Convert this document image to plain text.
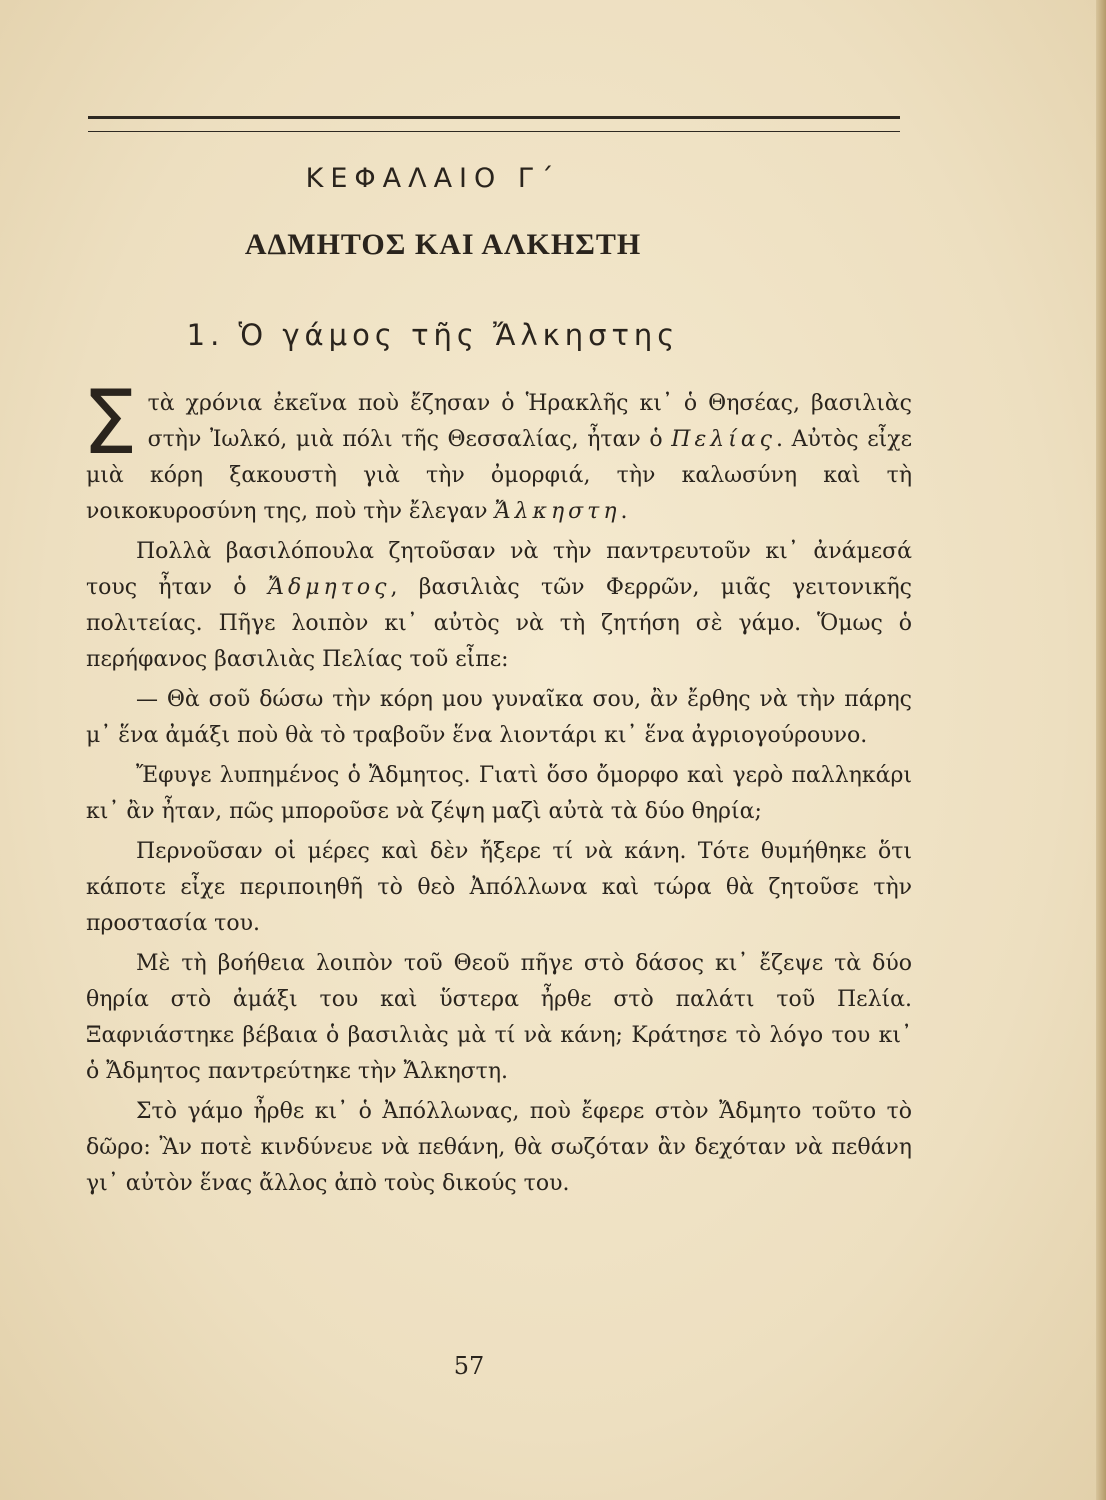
ΚΕΦΑΛΑΙΟ Γ΄
ΑΔΜΗΤΟΣ ΚΑΙ ΑΛΚΗΣΤΗ
1. Ὁ γάμος τῆς Ἄλκηστης

Στὰ χρόνια ἐκεῖνα ποὺ ἔζησαν ὁ Ἡρακλῆς κι᾽ ὁ Θησέας, βασιλιὰς στὴν Ἰωλκό, μιὰ πόλι τῆς Θεσσαλίας, ἦταν ὁ Πελίας. Αὐτὸς εἶχε μιὰ κόρη ξακουστὴ γιὰ τὴν ὀμορφιά, τὴν καλωσύνη καὶ τὴ νοικοκυροσύνη της, ποὺ τὴν ἔλεγαν Ἄλκηστη.

Πολλὰ βασιλόπουλα ζητοῦσαν νὰ τὴν παντρευτοῦν κι᾽ ἀνάμεσά τους ἦταν ὁ Ἄδμητος, βασιλιὰς τῶν Φερρῶν, μιᾶς γειτονικῆς πολιτείας. Πῆγε λοιπὸν κι᾽ αὐτὸς νὰ τὴ ζητήση σὲ γάμο. Ὅμως ὁ περήφανος βασιλιὰς Πελίας τοῦ εἶπε:

— Θὰ σοῦ δώσω τὴν κόρη μου γυναῖκα σου, ἂν ἔρθης νὰ τὴν πάρης μ᾽ ἕνα ἀμάξι ποὺ θὰ τὸ τραβοῦν ἕνα λιοντάρι κι᾽ ἕνα ἀγριογούρουνο.

Ἔφυγε λυπημένος ὁ Ἄδμητος. Γιατὶ ὅσο ὄμορφο καὶ γερὸ παλληκάρι κι᾽ ἂν ἦταν, πῶς μποροῦσε νὰ ζέψη μαζὶ αὐτὰ τὰ δύο θηρία;

Περνοῦσαν οἱ μέρες καὶ δὲν ἤξερε τί νὰ κάνη. Τότε θυμήθηκε ὅτι κάποτε εἶχε περιποιηθῆ τὸ θεὸ Ἀπόλλωνα καὶ τώρα θὰ ζητοῦσε τὴν προστασία του.

Μὲ τὴ βοήθεια λοιπὸν τοῦ Θεοῦ πῆγε στὸ δάσος κι᾽ ἔζεψε τὰ δύο θηρία στὸ ἀμάξι του καὶ ὕστερα ἦρθε στὸ παλάτι τοῦ Πελία. Ξαφνιάστηκε βέβαια ὁ βασιλιὰς μὰ τί νὰ κάνη; Κράτησε τὸ λόγο του κι᾽ ὁ Ἄδμητος παντρεύτηκε τὴν Ἄλκηστη.

Στὸ γάμο ἦρθε κι᾽ ὁ Ἀπόλλωνας, ποὺ ἔφερε στὸν Ἄδμητο τοῦτο τὸ δῶρο: Ἂν ποτὲ κινδύνευε νὰ πεθάνη, θὰ σωζόταν ἂν δεχόταν νὰ πεθάνη γι᾽ αὐτὸν ἕνας ἄλλος ἀπὸ τοὺς δικούς του.

57
